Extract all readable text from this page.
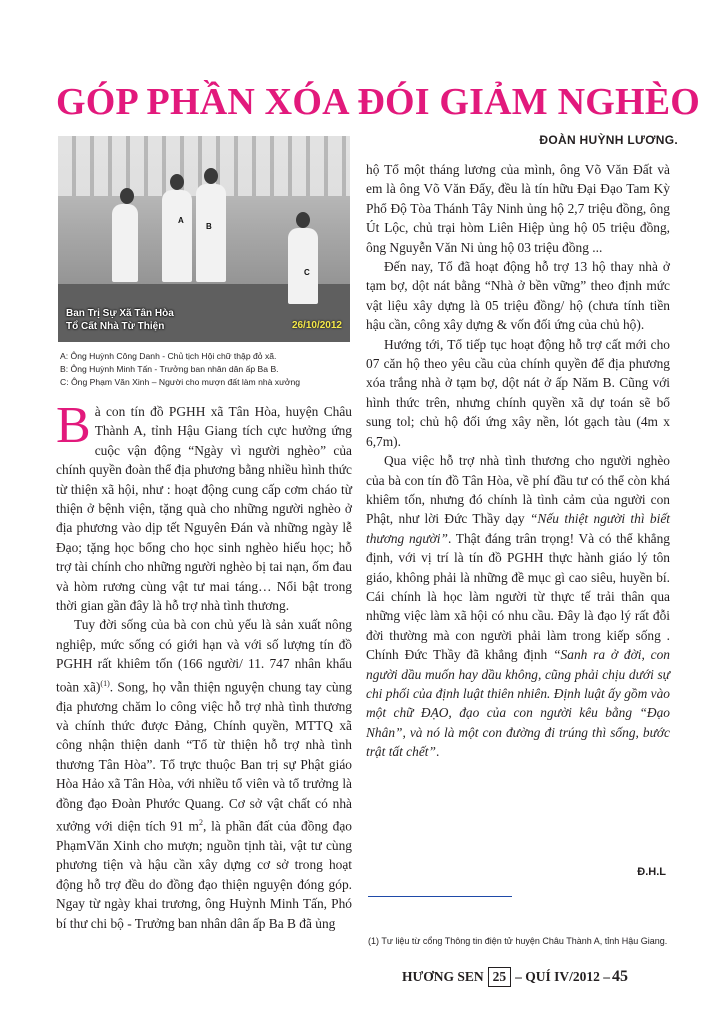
GÓP PHẦN XÓA ĐÓI GIẢM NGHÈO
ĐOÀN HUỲNH LƯƠNG.
A
B
C
Ban Trị Sự Xã Tân Hòa
Tổ Cất Nhà Từ Thiện	26/10/2012
A: Ông Huỳnh Công Danh - Chủ tịch Hội chữ thập đỏ xã.
B: Ông Huỳnh Minh Tấn - Trưởng ban nhân dân ấp Ba B.
C: Ông Phạm Văn Xinh – Người cho mượn đất làm nhà xưởng

Bà con tín đồ PGHH xã Tân Hòa, huyện Châu Thành A, tỉnh Hậu Giang tích cực hưởng ứng cuộc vận động “Ngày vì người nghèo” của chính quyền đoàn thể địa phương bằng nhiều hình thức từ thiện xã hội, như : hoạt động cung cấp cơm cháo từ thiện ở bệnh viện, tặng quà cho những người nghèo ở địa phương vào dịp tết Nguyên Đán và những ngày lễ Đạo; tặng học bổng cho học sinh nghèo hiếu học; hỗ trợ tài chính cho những người nghèo bị tai nạn, ốm đau và hòm rương cùng vật tư mai táng… Nổi bật trong thời gian gần đây là hỗ trợ nhà tình thương.

Tuy đời sống của bà con chủ yếu là sản xuất nông nghiệp, mức sống có giới hạn và với số lượng tín đồ PGHH rất khiêm tốn (166 người/ 11. 747 nhân khẩu toàn xã)$^{(1)}$. Song, họ vẫn thiện nguyện chung tay cùng địa phương chăm lo công việc hỗ trợ nhà tình thương và chính thức được Đảng, Chính quyền, MTTQ xã công nhận thiện danh “Tổ từ thiện hỗ trợ nhà tình thương Tân Hòa”. Tổ trực thuộc Ban trị sự Phật giáo Hòa Hảo xã Tân Hòa, với nhiều tổ viên và tổ trưởng là đồng đạo Đoàn Phước Quang. Cơ sở vật chất có nhà xưởng với diện tích 91 $m^2$, là phần đất của đồng đạo PhạmVăn Xinh cho mượn; nguồn tịnh tài, vật tư cùng phương tiện và hậu cần xây dựng cơ sở trong hoạt động hỗ trợ đều do đồng đạo thiện nguyện đóng góp. Ngay từ ngày khai trương, ông Huỳnh Minh Tấn, Phó bí thư chi bộ - Trưởng ban nhân dân ấp Ba B đã ủng

hộ Tổ một tháng lương của mình, ông Võ Văn Đất và em là ông Võ Văn Đẩy, đều là tín hữu Đại Đạo Tam Kỳ Phổ Độ Tòa Thánh Tây Ninh ủng hộ 2,7 triệu đồng, ông Út Lộc, chủ trại hòm Liên Hiệp ủng hộ 05 triệu đồng, ông Nguyễn Văn Ni ủng hộ 03 triệu đồng ...

Đến nay, Tổ đã hoạt động hỗ trợ 13 hộ thay nhà ở tạm bợ, dột nát bằng “Nhà ở bền vững” theo định mức vật liệu xây dựng là 05 triệu đồng/ hộ (chưa tính tiền hậu cần, công xây dựng & vốn đối ứng của chủ hộ).

Hướng tới, Tổ tiếp tục hoạt động hỗ trợ cất mới cho 07 căn hộ theo yêu cầu của chính quyền để địa phương xóa trắng nhà ở tạm bợ, dột nát ở ấp Năm B. Cũng với hình thức trên, nhưng chính quyền xã dự toán sẽ bổ sung tol; chủ hộ đối ứng xây nền, lót gạch tàu (4m x 6,7m).

Qua việc hỗ trợ nhà tình thương cho người nghèo của bà con tín đồ Tân Hòa, về phí đầu tư có thể còn khá khiêm tốn, nhưng đó chính là tình cảm của người con Phật, như lời Đức Thầy dạy “Nếu thiệt người thì biết thương người”. Thật đáng trân trọng! Và có thể khẳng định, với vị trí là tín đồ PGHH thực hành giáo lý tôn giáo, không phải là những đề mục gì cao siêu, huyền bí. Cái chính là học làm người từ thực tế trải thân qua những việc làm xã hội có nhu cầu. Đây là đạo lý rất đỗi đời thường mà con người phải làm trong kiếp sống . Chính Đức Thầy đã khẳng định “Sanh ra ở đời, con người dầu muốn hay dầu không, cũng phải chịu dưới sự chi phối của định luật thiên nhiên. Định luật ấy gồm vào một chữ ĐẠO, đạo của con người kêu bằng “Đạo Nhân”, và nó là một con đường đi trúng thì sống, bước trật tất chết”.

Đ.H.L
(1) Tư liệu từ cổng Thông tin điện tử huyện Châu Thành A, tỉnh Hậu Giang.
HƯƠNG SEN 25 – QUÍ IV/2012 – 45
